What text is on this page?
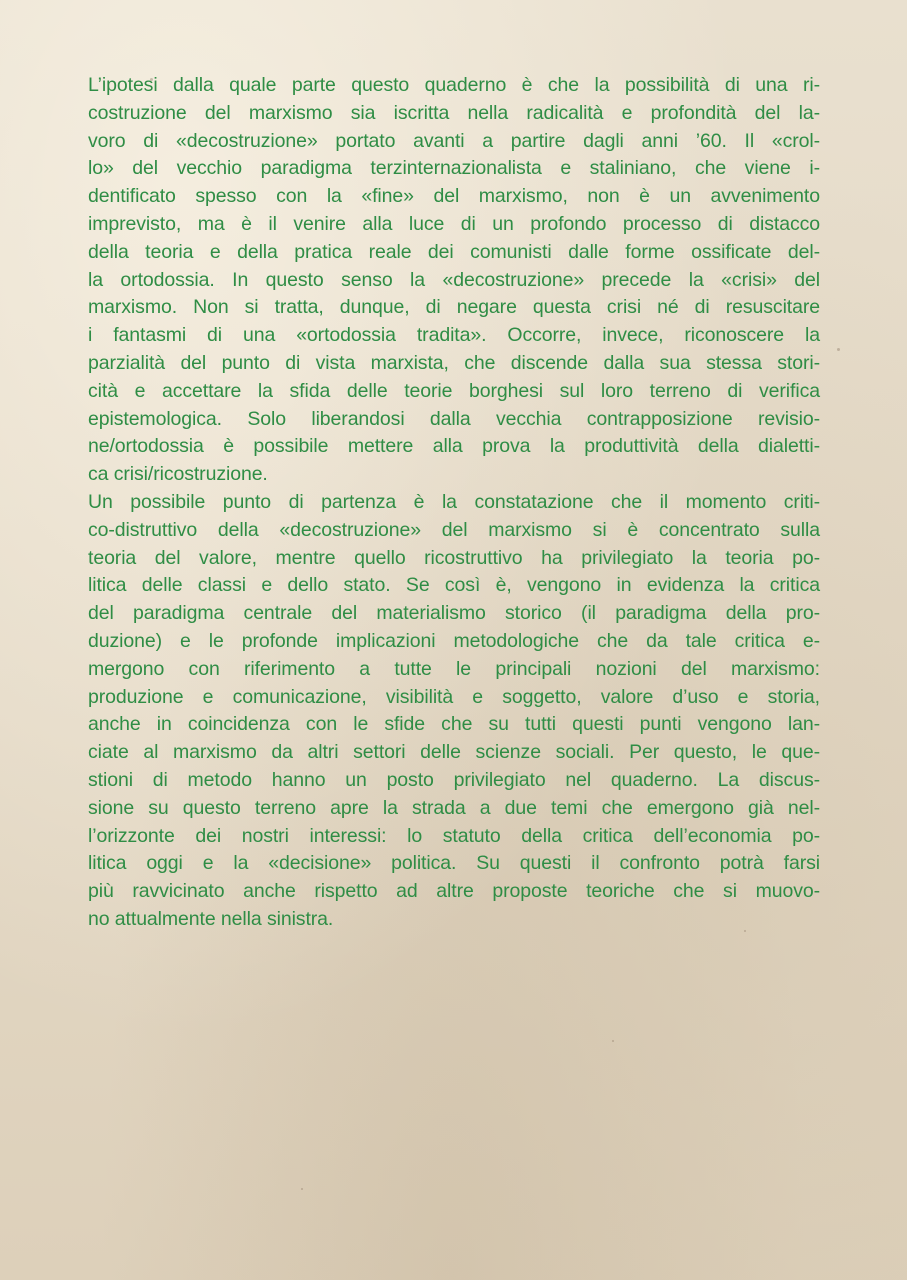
L’ipotesi dalla quale parte questo quaderno è che la possibilità di una ri-
costruzione del marxismo sia iscritta nella radicalità e profondità del la-
voro di «decostruzione» portato avanti a partire dagli anni ’60. Il «crol-
lo» del vecchio paradigma terzinternazionalista e staliniano, che viene i-
dentificato spesso con la «fine» del marxismo, non è un avvenimento
imprevisto, ma è il venire alla luce di un profondo processo di distacco
della teoria e della pratica reale dei comunisti dalle forme ossificate del-
la ortodossia. In questo senso la «decostruzione» precede la «crisi» del
marxismo. Non si tratta, dunque, di negare questa crisi né di resuscitare
i fantasmi di una «ortodossia tradita». Occorre, invece, riconoscere la
parzialità del punto di vista marxista, che discende dalla sua stessa stori-
cità e accettare la sfida delle teorie borghesi sul loro terreno di verifica
epistemologica. Solo liberandosi dalla vecchia contrapposizione revisio-
ne/ortodossia è possibile mettere alla prova la produttività della dialetti-
ca crisi/ricostruzione.
Un possibile punto di partenza è la constatazione che il momento criti-
co-distruttivo della «decostruzione» del marxismo si è concentrato sulla
teoria del valore, mentre quello ricostruttivo ha privilegiato la teoria po-
litica delle classi e dello stato. Se così è, vengono in evidenza la critica
del paradigma centrale del materialismo storico (il paradigma della pro-
duzione) e le profonde implicazioni metodologiche che da tale critica e-
mergono con riferimento a tutte le principali nozioni del marxismo:
produzione e comunicazione, visibilità e soggetto, valore d’uso e storia,
anche in coincidenza con le sfide che su tutti questi punti vengono lan-
ciate al marxismo da altri settori delle scienze sociali. Per questo, le que-
stioni di metodo hanno un posto privilegiato nel quaderno. La discus-
sione su questo terreno apre la strada a due temi che emergono già nel-
l’orizzonte dei nostri interessi: lo statuto della critica dell’economia po-
litica oggi e la «decisione» politica. Su questi il confronto potrà farsi
più ravvicinato anche rispetto ad altre proposte teoriche che si muovo-
no attualmente nella sinistra.
